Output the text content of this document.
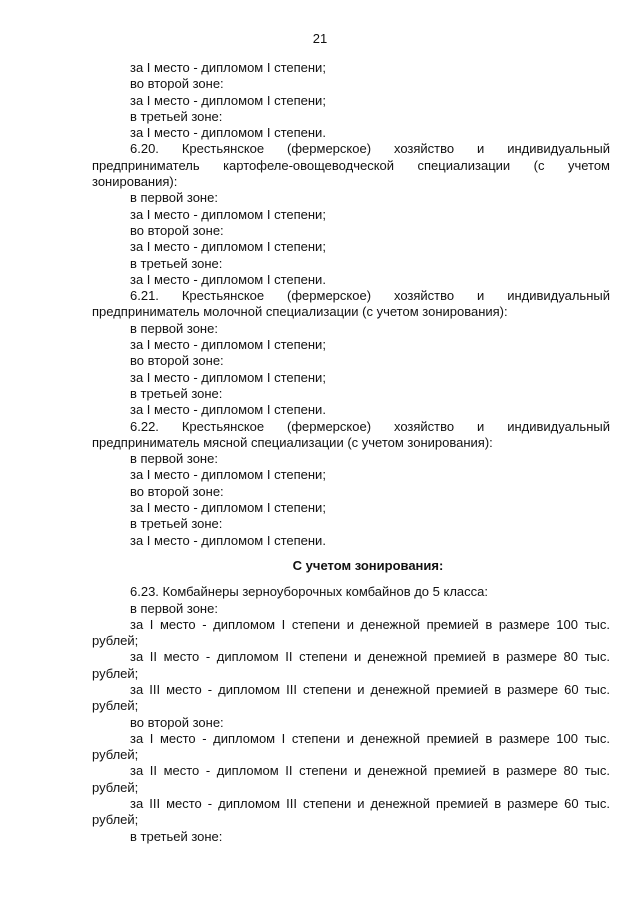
21

за I место - дипломом I степени;

во второй зоне:

за I место - дипломом I степени;

в третьей зоне:

за I место - дипломом I степени.

6.20. Крестьянское (фермерское) хозяйство и индивидуальный предприниматель картофеле-овощеводческой специализации (с учетом зонирования):

в первой зоне:

за I место - дипломом I степени;

во второй зоне:

за I место - дипломом I степени;

в третьей зоне:

за I место - дипломом I степени.

6.21. Крестьянское (фермерское) хозяйство и индивидуальный предприниматель молочной специализации (с учетом зонирования):

в первой зоне:

за I место - дипломом I степени;

во второй зоне:

за I место - дипломом I степени;

в третьей зоне:

за I место - дипломом I степени.

6.22. Крестьянское (фермерское) хозяйство и индивидуальный предприниматель мясной специализации (с учетом зонирования):

в первой зоне:

за I место - дипломом I степени;

во второй зоне:

за I место - дипломом I степени;

в третьей зоне:

за I место - дипломом I степени.

С учетом зонирования:

6.23. Комбайнеры зерноуборочных комбайнов до 5 класса:

в первой зоне:

за I место - дипломом I степени и денежной премией в размере 100 тыс. рублей;

за II место - дипломом II степени и денежной премией в размере 80 тыс. рублей;

за III место - дипломом III степени и денежной премией в размере 60 тыс. рублей;

во второй зоне:

за I место - дипломом I степени и денежной премией в размере 100 тыс. рублей;

за II место - дипломом II степени и денежной премией в размере 80 тыс. рублей;

за III место - дипломом III степени и денежной премией в размере 60 тыс. рублей;

в третьей зоне:
